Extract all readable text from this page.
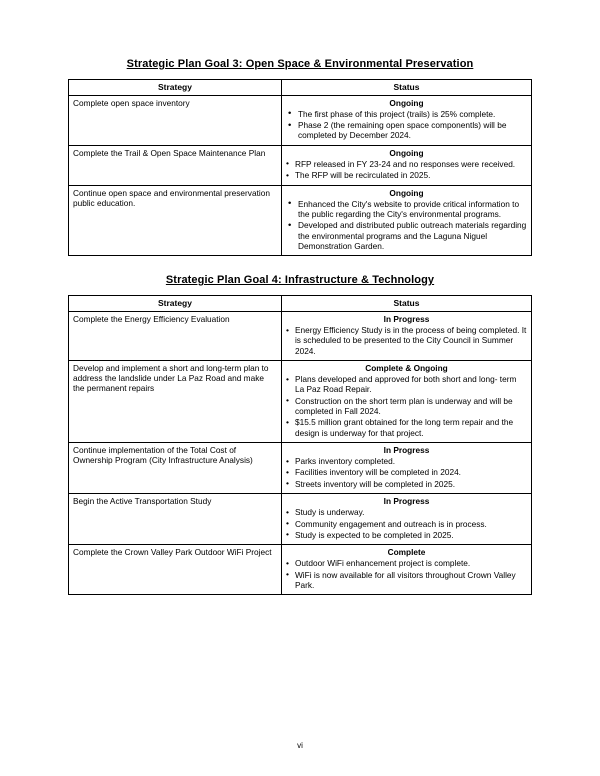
Strategic Plan Goal 3: Open Space & Environmental Preservation
Strategy	Status
Complete open space inventory	Ongoing
• The first phase of this project (trails) is 25% complete.
• Phase 2 (the remaining open space componentls) will be completed by December 2024.

Complete the Trail & Open Space Maintenance Plan	Ongoing
• RFP released in FY 23-24 and no responses were received.
• The RFP will be recirculated in 2025.

Continue open space and environmental preservation public education.	
Ongoing
• Enhanced the City's website to provide critical information to the public regarding the City's environmental programs.
• Developed and distributed public outreach materials regarding the environmental programs and the Laguna Niguel Demonstration Garden.
Strategic Plan Goal 4: Infrastructure & Technology
Strategy	Status
Complete the Energy Efficiency Evaluation	In Progress
• Energy Efficiency Study is in the process of being completed. It is scheduled to be presented to the City Council in Summer 2024.

Develop and implement a short and long-term plan to address the landslide under La Paz Road and make the permanent repairs	
Complete & Ongoing
• Plans developed and approved for both short and long- term La Paz Road Repair.
• Construction on the short term plan is underway and will be completed in Fall 2024.
• $15.5 million grant obtained for the long term repair and the design is underway for that project.

Continue implementation of the Total Cost of Ownership Program (City Infrastructure Analysis)	
In Progress
• Parks inventory completed.
• Facilities inventory will be completed in 2024.
• Streets inventory will be completed in 2025.

Begin the Active Transportation Study	In Progress
• Study is underway.
• Community engagement and outreach is in process.
• Study is expected to be completed in 2025.

Complete the Crown Valley Park Outdoor WiFi Project	Complete
• Outdoor WiFi enhancement project is complete.
• WiFi is now available for all visitors throughout Crown Valley Park.
vi
